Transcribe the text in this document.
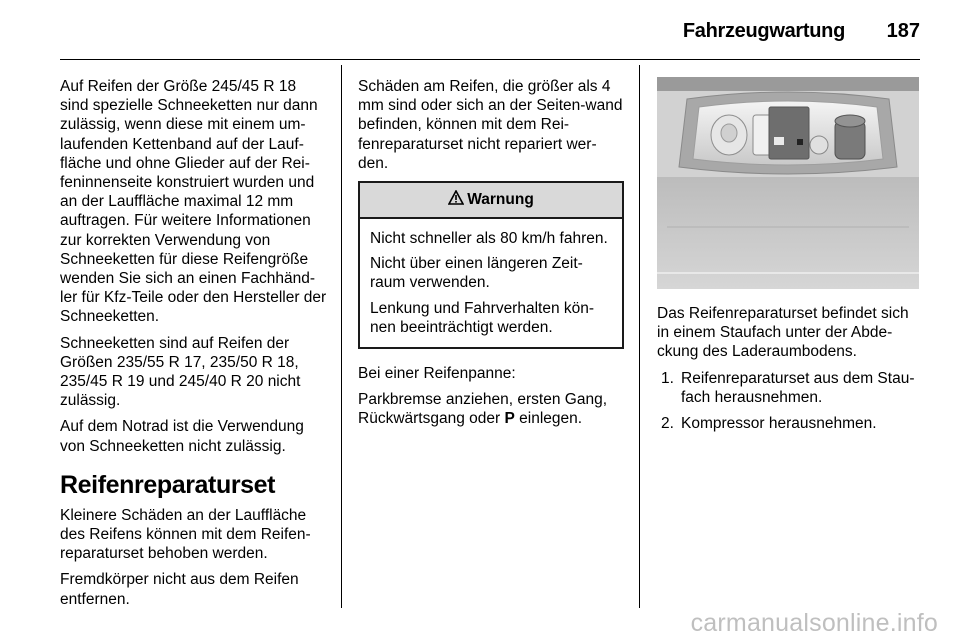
Fahrzeugwartung	187

Auf Reifen der Größe 245/45 R 18 sind spezielle Schneeketten nur dann zulässig, wenn diese mit einem um-laufenden Kettenband auf der Lauf-fläche und ohne Glieder auf der Rei-feninnenseite konstruiert wurden und an der Lauffläche maximal 12 mm auftragen. Für weitere Informationen zur korrekten Verwendung von Schneeketten für diese Reifengröße wenden Sie sich an einen Fachhänd-ler für Kfz-Teile oder den Hersteller der Schneeketten.

Schneeketten sind auf Reifen der Größen 235/55 R 17, 235/50 R 18, 235/45 R 19 und 245/40 R 20 nicht zulässig.

Auf dem Notrad ist die Verwendung von Schneeketten nicht zulässig.

Reifenreparaturset

Kleinere Schäden an der Lauffläche des Reifens können mit dem Reifen-reparaturset behoben werden.

Fremdkörper nicht aus dem Reifen entfernen.

Schäden am Reifen, die größer als 4 mm sind oder sich an der Seiten-wand befinden, können mit dem Rei-fenreparaturset nicht repariert wer-den.

Warnung

Nicht schneller als 80 km/h fahren.

Nicht über einen längeren Zeit-raum verwenden.

Lenkung und Fahrverhalten kön-nen beeinträchtigt werden.

Bei einer Reifenpanne:

Parkbremse anziehen, ersten Gang, Rückwärtsgang oder P einlegen.

Das Reifenreparaturset befindet sich in einem Staufach unter der Abde-ckung des Laderaumbodens.

1. Reifenreparaturset aus dem Stau-fach herausnehmen.
2. Kompressor herausnehmen.
carmanualsonline.info
